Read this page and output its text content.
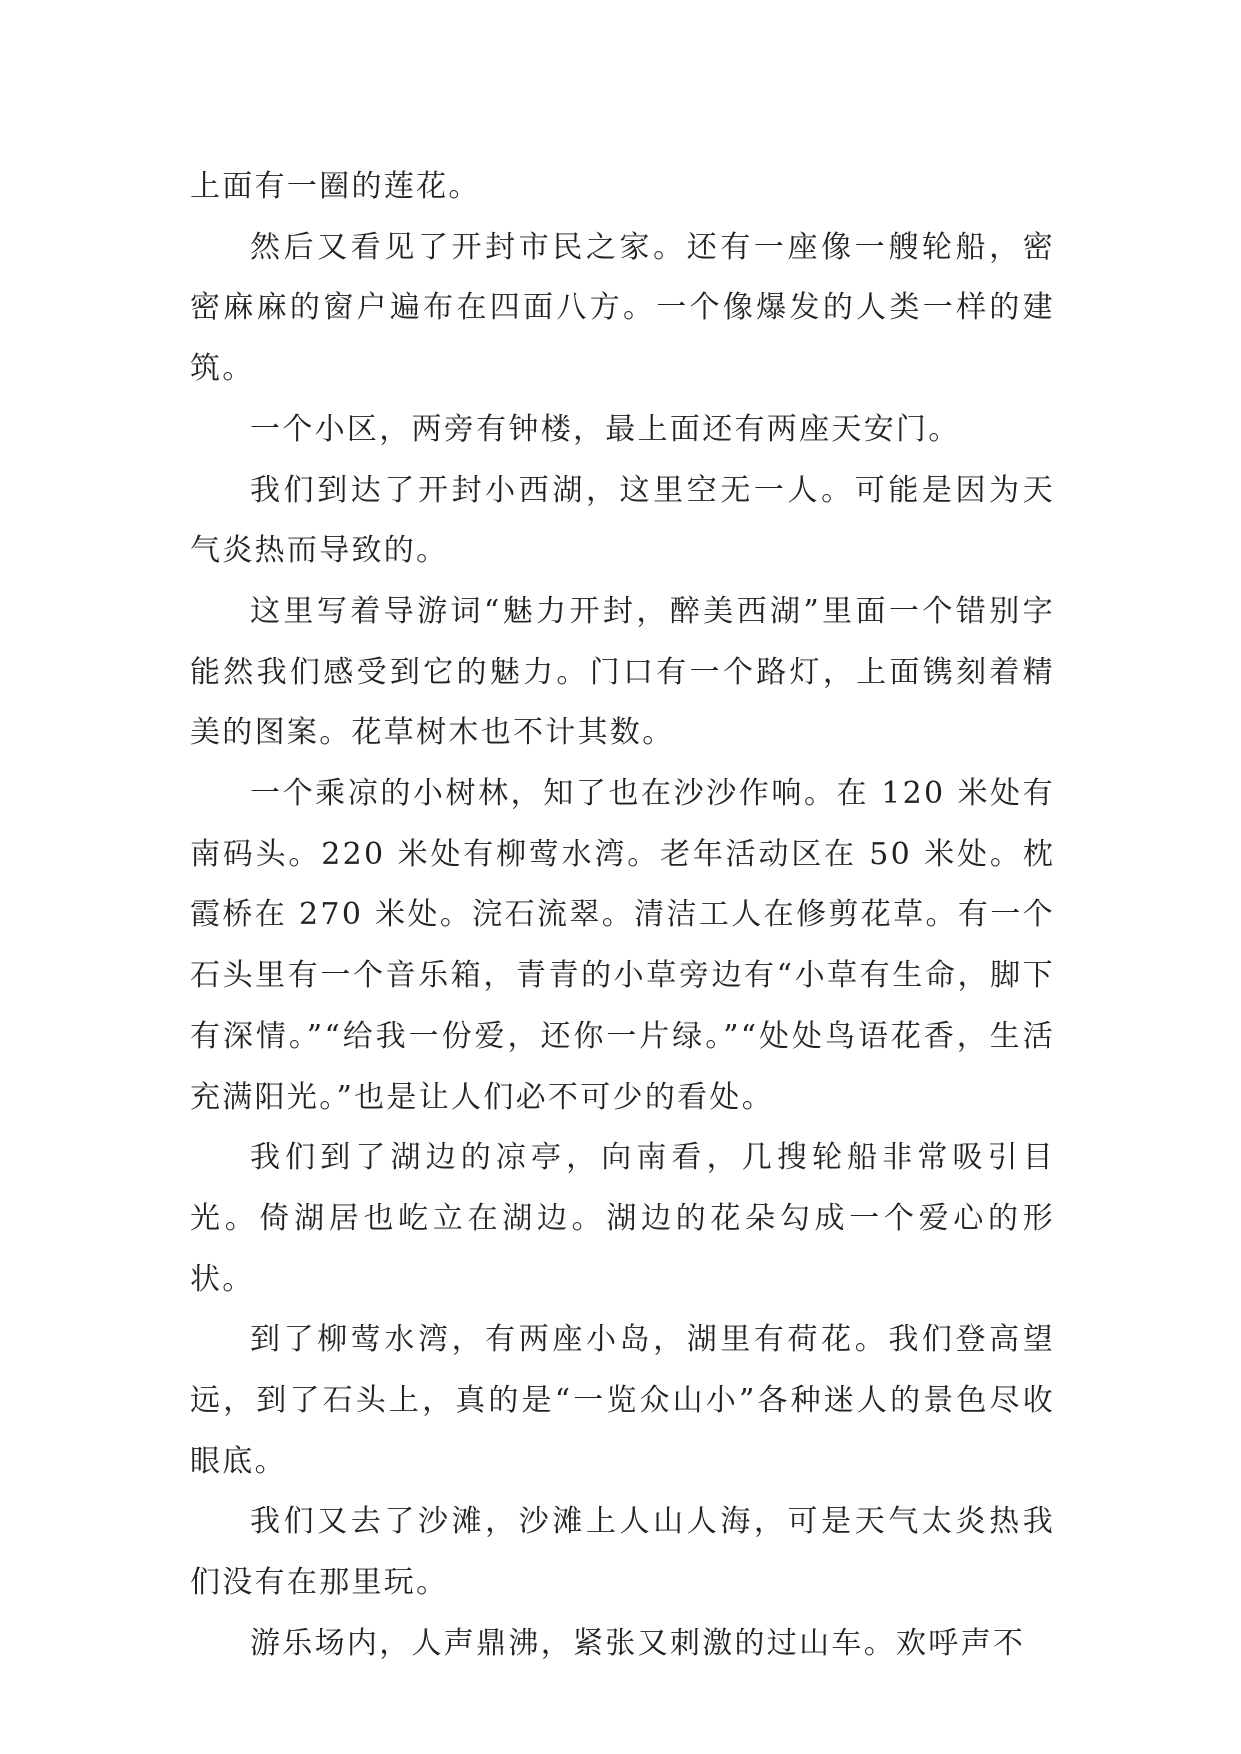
上面有一圈的莲花。

然后又看见了开封市民之家。还有一座像一艘轮船，密密麻麻的窗户遍布在四面八方。一个像爆发的人类一样的建筑。

一个小区，两旁有钟楼，最上面还有两座天安门。

我们到达了开封小西湖，这里空无一人。可能是因为天气炎热而导致的。

这里写着导游词“魅力开封，醉美西湖”里面一个错别字能然我们感受到它的魅力。门口有一个路灯，上面镌刻着精美的图案。花草树木也不计其数。

一个乘凉的小树林，知了也在沙沙作响。在 120 米处有南码头。220 米处有柳莺水湾。老年活动区在 50 米处。枕霞桥在 270 米处。浣石流翠。清洁工人在修剪花草。有一个石头里有一个音乐箱，青青的小草旁边有“小草有生命，脚下有深情。”“给我一份爱，还你一片绿。”“处处鸟语花香，生活充满阳光。”也是让人们必不可少的看处。

我们到了湖边的凉亭，向南看，几搜轮船非常吸引目光。倚湖居也屹立在湖边。湖边的花朵勾成一个爱心的形状。

到了柳莺水湾，有两座小岛，湖里有荷花。我们登高望远，到了石头上，真的是“一览众山小”各种迷人的景色尽收眼底。

我们又去了沙滩，沙滩上人山人海，可是天气太炎热我们没有在那里玩。

游乐场内，人声鼎沸，紧张又刺激的过山车。欢呼声不
